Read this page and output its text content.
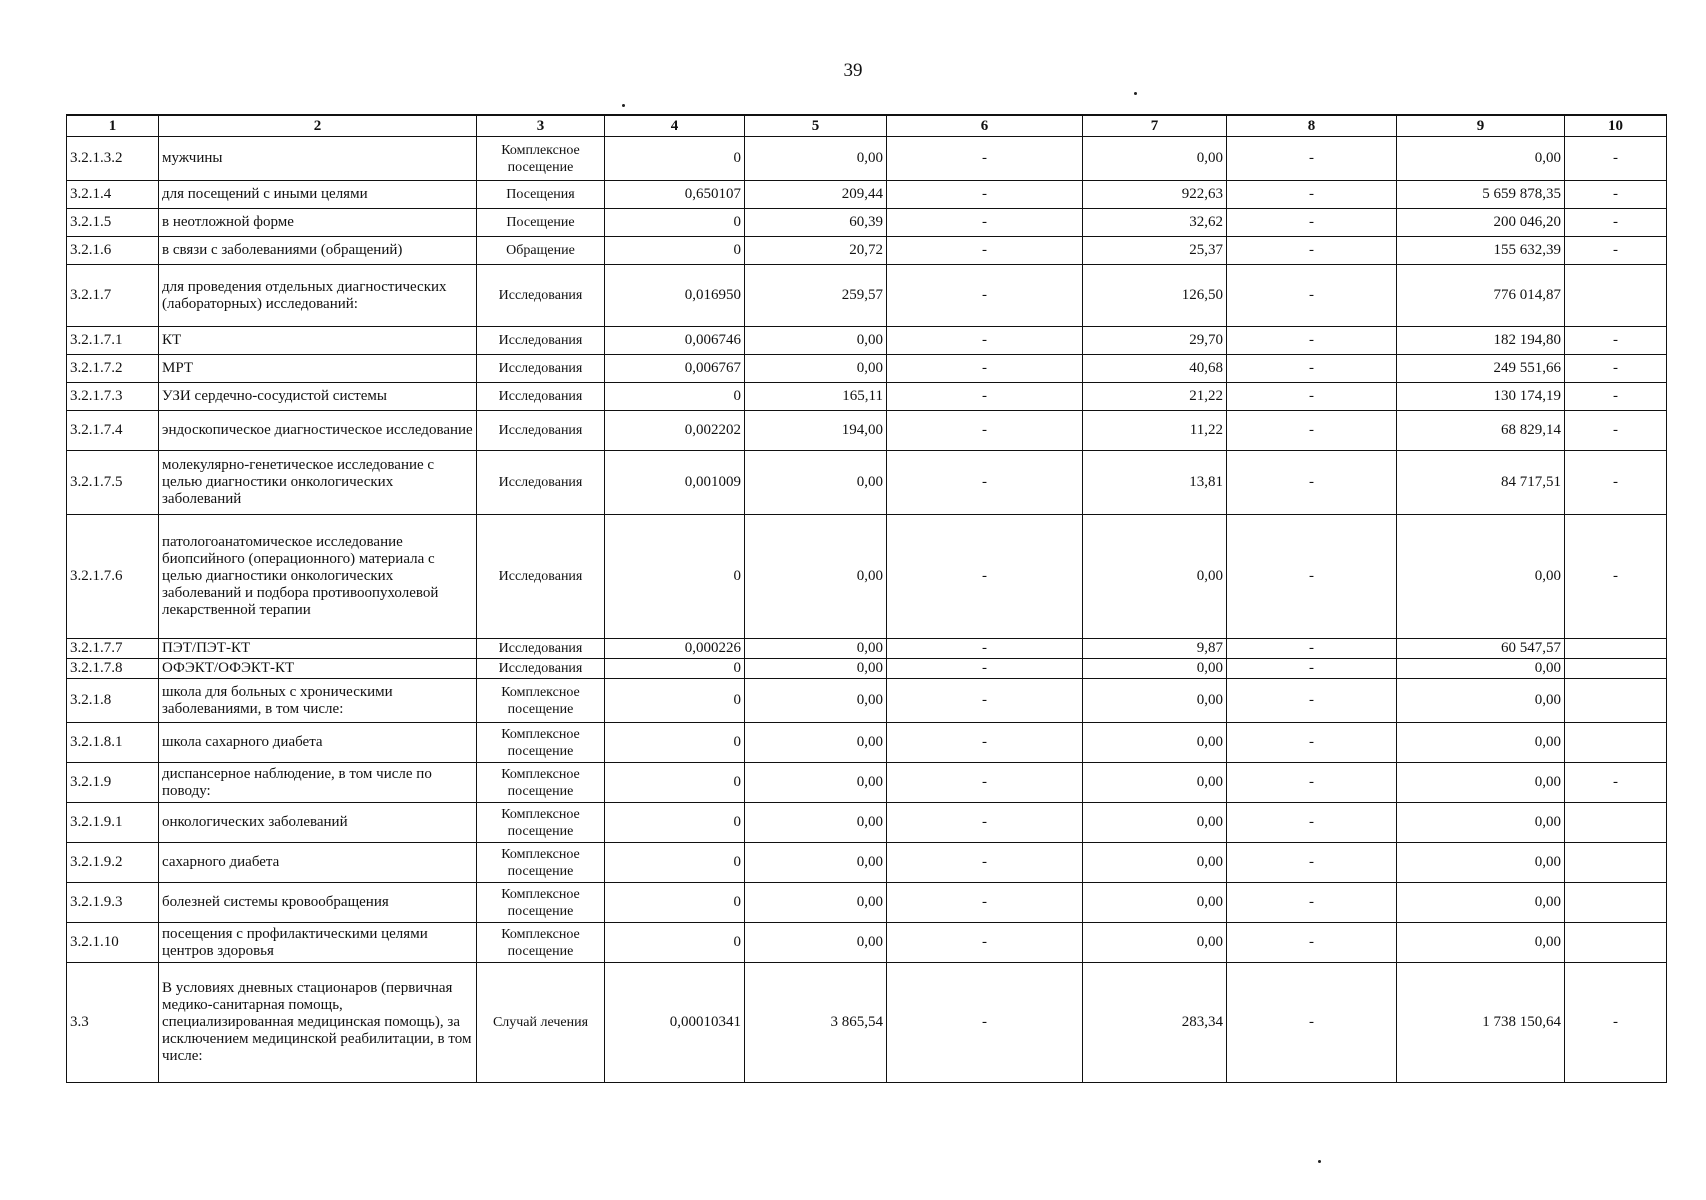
39
1	2	3	4	5	6	7	8	9	10
3.2.1.3.2	мужчины	Комплексное посещение	0	0,00	-	0,00	-	0,00	-
3.2.1.4	для посещений с иными целями	Посещения	0,650107	209,44	-	922,63	-	5 659 878,35	-
3.2.1.5	в неотложной форме	Посещение	0	60,39	-	32,62	-	200 046,20	-
3.2.1.6	в связи с заболеваниями (обращений)	Обращение	0	20,72	-	25,37	-	155 632,39	-
3.2.1.7	для проведения отдельных диагностических (лабораторных) исследований:	Исследования	0,016950	259,57	-	126,50	-	776 014,87	
3.2.1.7.1	КТ	Исследования	0,006746	0,00	-	29,70	-	182 194,80	-
3.2.1.7.2	МРТ	Исследования	0,006767	0,00	-	40,68	-	249 551,66	-
3.2.1.7.3	УЗИ сердечно-сосудистой системы	Исследования	0	165,11	-	21,22	-	130 174,19	-
3.2.1.7.4	эндоскопическое диагностическое исследование	Исследования	0,002202	194,00	-	11,22	-	68 829,14	-
3.2.1.7.5	молекулярно-генетическое исследование с целью диагностики онкологических заболеваний	Исследования	0,001009	0,00	-	13,81	-	84 717,51	-
3.2.1.7.6	патологоанатомическое исследование биопсийного (операционного) материала с целью диагностики онкологических заболеваний и подбора противоопухолевой лекарственной терапии	Исследования	0	0,00	-	0,00	-	0,00	-
3.2.1.7.7	ПЭТ/ПЭТ-КТ	Исследования	0,000226	0,00	-	9,87	-	60 547,57	
3.2.1.7.8	ОФЭКТ/ОФЭКТ-КТ	Исследования	0	0,00	-	0,00	-	0,00	
3.2.1.8	школа для больных с хроническими заболеваниями, в том числе:	Комплексное посещение	0	0,00	-	0,00	-	0,00	
3.2.1.8.1	школа сахарного диабета	Комплексное посещение	0	0,00	-	0,00	-	0,00	
3.2.1.9	диспансерное наблюдение, в том числе по поводу:	Комплексное посещение	0	0,00	-	0,00	-	0,00	-
3.2.1.9.1	онкологических заболеваний	Комплексное посещение	0	0,00	-	0,00	-	0,00	
3.2.1.9.2	сахарного диабета	Комплексное посещение	0	0,00	-	0,00	-	0,00	
3.2.1.9.3	болезней системы кровообращения	Комплексное посещение	0	0,00	-	0,00	-	0,00	
3.2.1.10	посещения с профилактическими целями центров здоровья	Комплексное посещение	0	0,00	-	0,00	-	0,00	
3.3	В условиях дневных стационаров (первичная медико-санитарная помощь, специализированная медицинская помощь), за исключением медицинской реабилитации, в том числе:	Случай лечения	0,00010341	3 865,54	-	283,34	-	1 738 150,64	-
